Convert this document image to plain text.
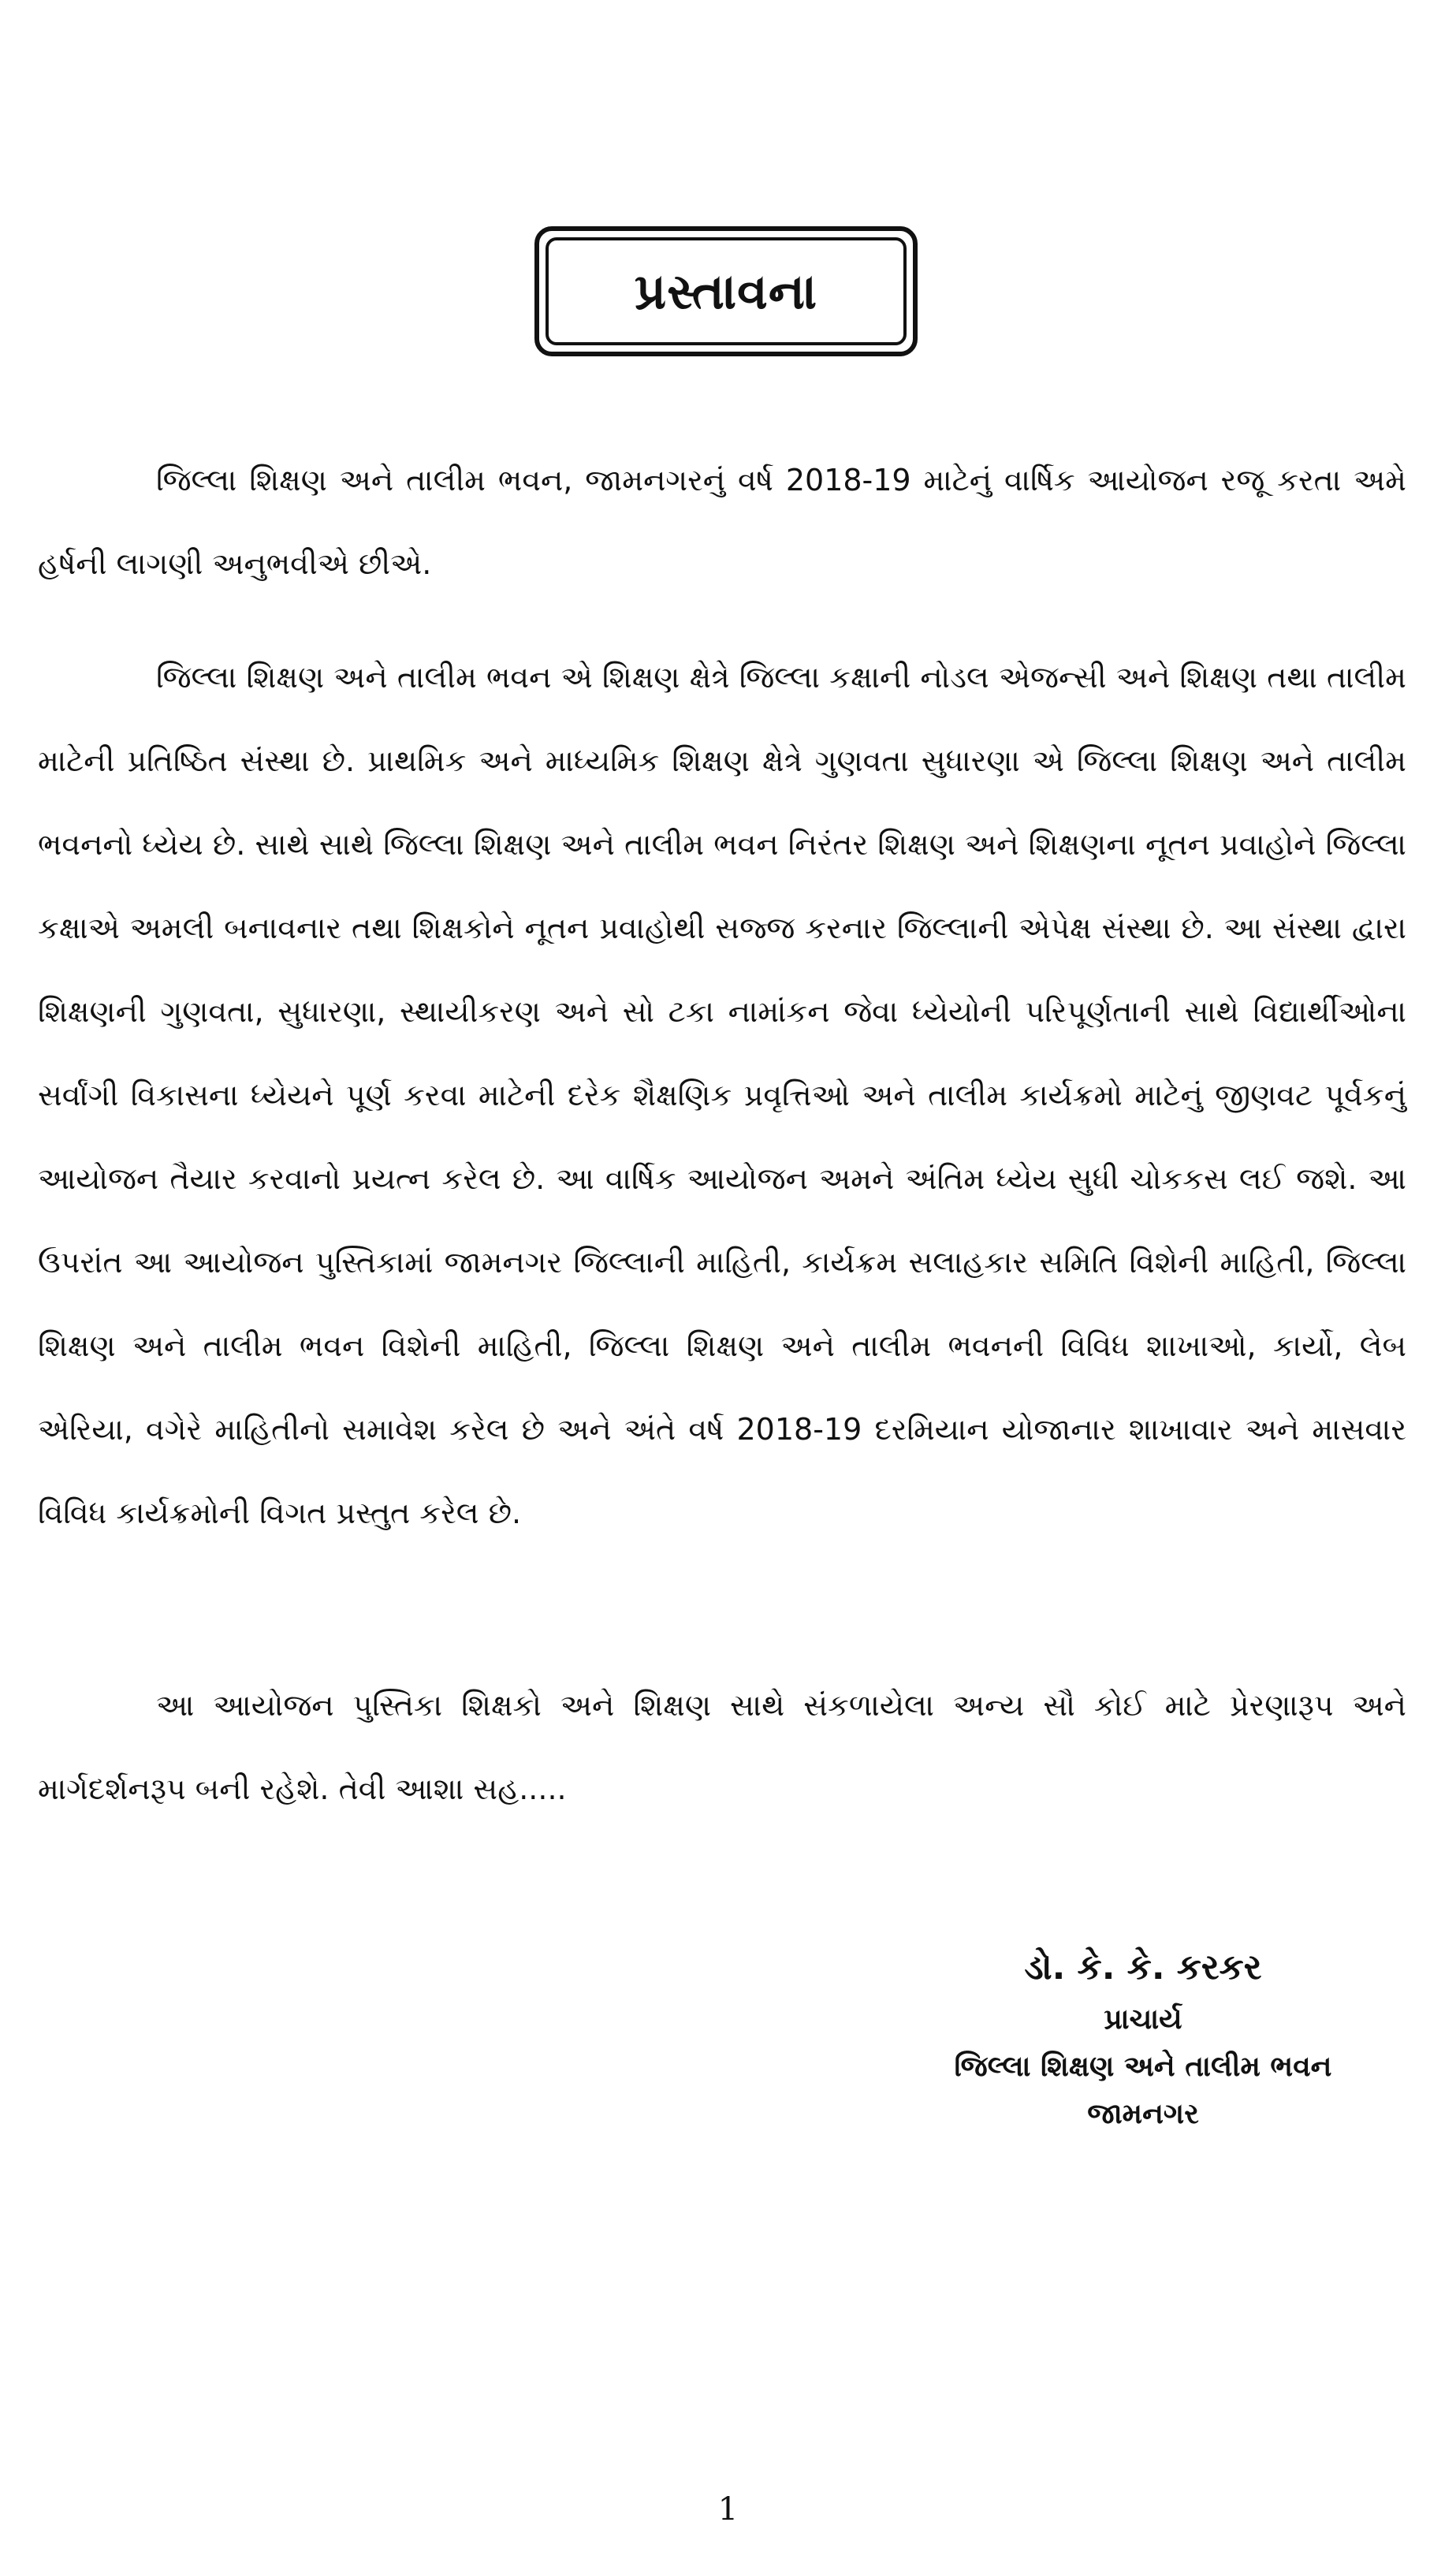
પ્રસ્તાવના

જિલ્લા શિક્ષણ અને તાલીમ ભવન, જામનગરનું વર્ષ 2018-19 માટેનું વાર્ષિક આયોજન રજૂ કરતા અમે હર્ષની લાગણી અનુભવીએ છીએ.

જિલ્લા શિક્ષણ અને તાલીમ ભવન એ શિક્ષણ ક્ષેત્રે જિલ્લા કક્ષાની નોડલ એજન્સી અને શિક્ષણ તથા તાલીમ માટેની પ્રતિષ્ઠિત સંસ્થા છે. પ્રાથમિક અને માધ્યમિક શિક્ષણ ક્ષેત્રે ગુણવતા સુધારણા એ જિલ્લા શિક્ષણ અને તાલીમ ભવનનો ધ્યેય છે. સાથે સાથે જિલ્લા શિક્ષણ અને તાલીમ ભવન નિરંતર શિક્ષણ અને શિક્ષણના નૂતન પ્રવાહોને જિલ્લા કક્ષાએ અમલી બનાવનાર તથા શિક્ષકોને નૂતન પ્રવાહોથી સજ્જ કરનાર જિલ્લાની એપેક્ષ સંસ્થા છે. આ સંસ્થા દ્વારા શિક્ષણની ગુણવતા, સુધારણા, સ્થાયીકરણ અને સો ટકા નામાંકન જેવા ધ્યેયોની પરિપૂર્ણતાની સાથે વિદ્યાર્થીઓના સર્વાંગી વિકાસના ધ્યેયને પૂર્ણ કરવા માટેની દરેક શૈક્ષણિક પ્રવૃત્તિઓ અને તાલીમ કાર્યક્રમો માટેનું જીણવટ પૂર્વકનું આયોજન તૈયાર કરવાનો પ્રયત્ન કરેલ છે. આ વાર્ષિક આયોજન અમને અંતિમ ધ્યેય સુધી ચોકકસ લઈ જશે. આ ઉપરાંત આ આયોજન પુસ્તિકામાં જામનગર જિલ્લાની માહિતી, કાર્યક્રમ સલાહકાર સમિતિ વિશેની માહિતી, જિલ્લા શિક્ષણ અને તાલીમ ભવન વિશેની માહિતી, જિલ્લા શિક્ષણ અને તાલીમ ભવનની વિવિધ શાખાઓ, કાર્યો, લેબ એરિયા, વગેરે માહિતીનો સમાવેશ કરેલ છે અને અંતે વર્ષ 2018-19 દરમિયાન યોજાનાર શાખાવાર અને માસવાર વિવિધ કાર્યક્રમોની વિગત પ્રસ્તુત કરેલ છે.

આ આયોજન પુસ્તિકા શિક્ષકો અને શિક્ષણ સાથે સંકળાયેલા અન્ય સૌ કોઈ માટે પ્રેરણારૂપ અને માર્ગદર્શનરૂપ બની રહેશે. તેવી આશા સહ.....

ડો. કે. કે. કરકર
પ્રાચાર્ય
જિલ્લા શિક્ષણ અને તાલીમ ભવન
જામનગર
1
